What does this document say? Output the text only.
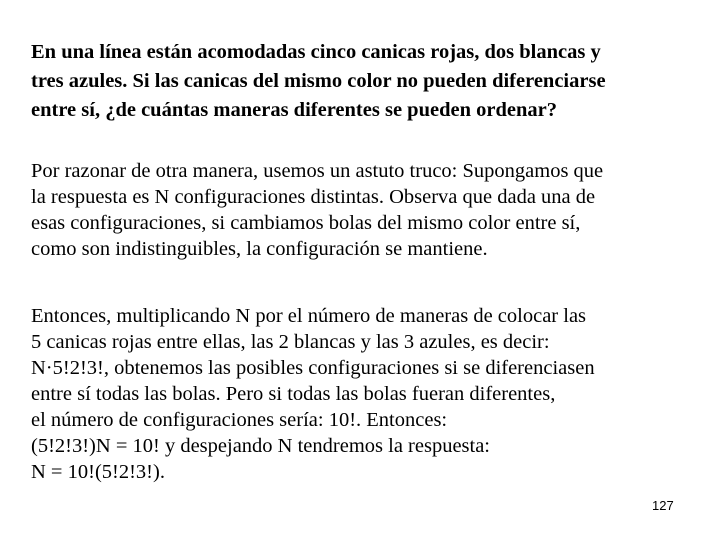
En una línea están acomodadas cinco canicas rojas, dos blancas y
tres azules. Si las canicas del mismo color no pueden diferenciarse
entre sí, ¿de cuántas maneras diferentes se pueden ordenar?
Por razonar de otra manera, usemos un astuto truco: Supongamos que
la respuesta es N configuraciones distintas. Observa que dada una de
esas configuraciones, si cambiamos bolas del mismo color entre sí,
como son indistinguibles, la configuración se mantiene.
Entonces, multiplicando N por el número de maneras de colocar las
5 canicas rojas entre ellas, las 2 blancas y las 3 azules, es decir:
N·5!2!3!, obtenemos las posibles configuraciones si se diferenciasen
entre sí todas las bolas. Pero si todas las bolas fueran diferentes,
el número de configuraciones sería: 10!. Entonces:
(5!2!3!)N = 10! y despejando N tendremos la respuesta:
N = 10!(5!2!3!).
127
